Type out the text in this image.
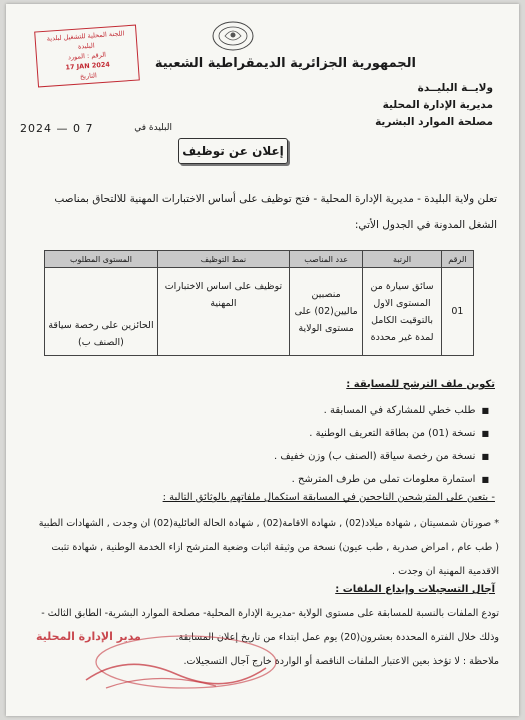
اللجنة المحلية للتشغيل لبلدية
البليدة
الرقم : المورد
17 JAN 2024
التاريخ
الجمهورية الجزائرية الديمقراطية الشعبية
ولايــة البليــدة
مديرية الإدارة المحلية
مصلحة الموارد البشرية
البليدة في
2024 — 0 7
إعلان عن توظيف
تعلن ولاية البليدة - مديرية الإدارة المحلية - فتح توظيف على أساس الاختبارات المهنية للالتحاق بمناصب
الشغل المدونة في الجدول الأتي:
الرقم	الرتبة	عدد المناصب	نمط التوظيف	المستوى المطلوب
01	سائق سيارة من المستوى الاول بالتوقيت الكامل لمدة غير محددة	منصبين ماليين(02) على مستوى الولاية	توظيف على اساس الاختبارات المهنية	الحائزين على رخصة سياقة (الصنف ب)
تكوين ملف الترشح للمسابقة :
■ طلب خطي للمشاركة في المسابقة .
■ نسخة (01) من بطاقة التعريف الوطنية .
■ نسخة من رخصة سياقة (الصنف ب) وزن خفيف .
■ استمارة معلومات تملى من طرف المترشح .
- يتعين على المترشحين الناجحين في المسابقة استكمال ملفاتهم بالوثائق التالية :
* صورتان شمسيتان , شهادة ميلاد(02) , شهادة الاقامة(02) , شهادة الحالة العائلية(02) ان وجدت , الشهادات الطبية
( طب عام , امراض صدرية , طب عيون) نسخة من وثيقة اثبات وضعية المترشح ازاء الخدمة الوطنية , شهادة تثبت
الاقدمية المهنية ان وجدت .
آجال التسجيلات وإيداع الملفات :
تودع الملفات بالنسبة للمسابقة على مستوى الولاية -مديرية الإدارة المحلية- مصلحة الموارد البشرية- الطابق الثالث -
وذلك خلال الفترة المحددة بعشرون(20) يوم عمل ابتداء من تاريخ إعلان المسابقة.
ملاحظة : لا تؤخذ بعين الاعتبار الملفات الناقصة أو الواردة خارج آجال التسجيلات.
مدير الإدارة المحلية
